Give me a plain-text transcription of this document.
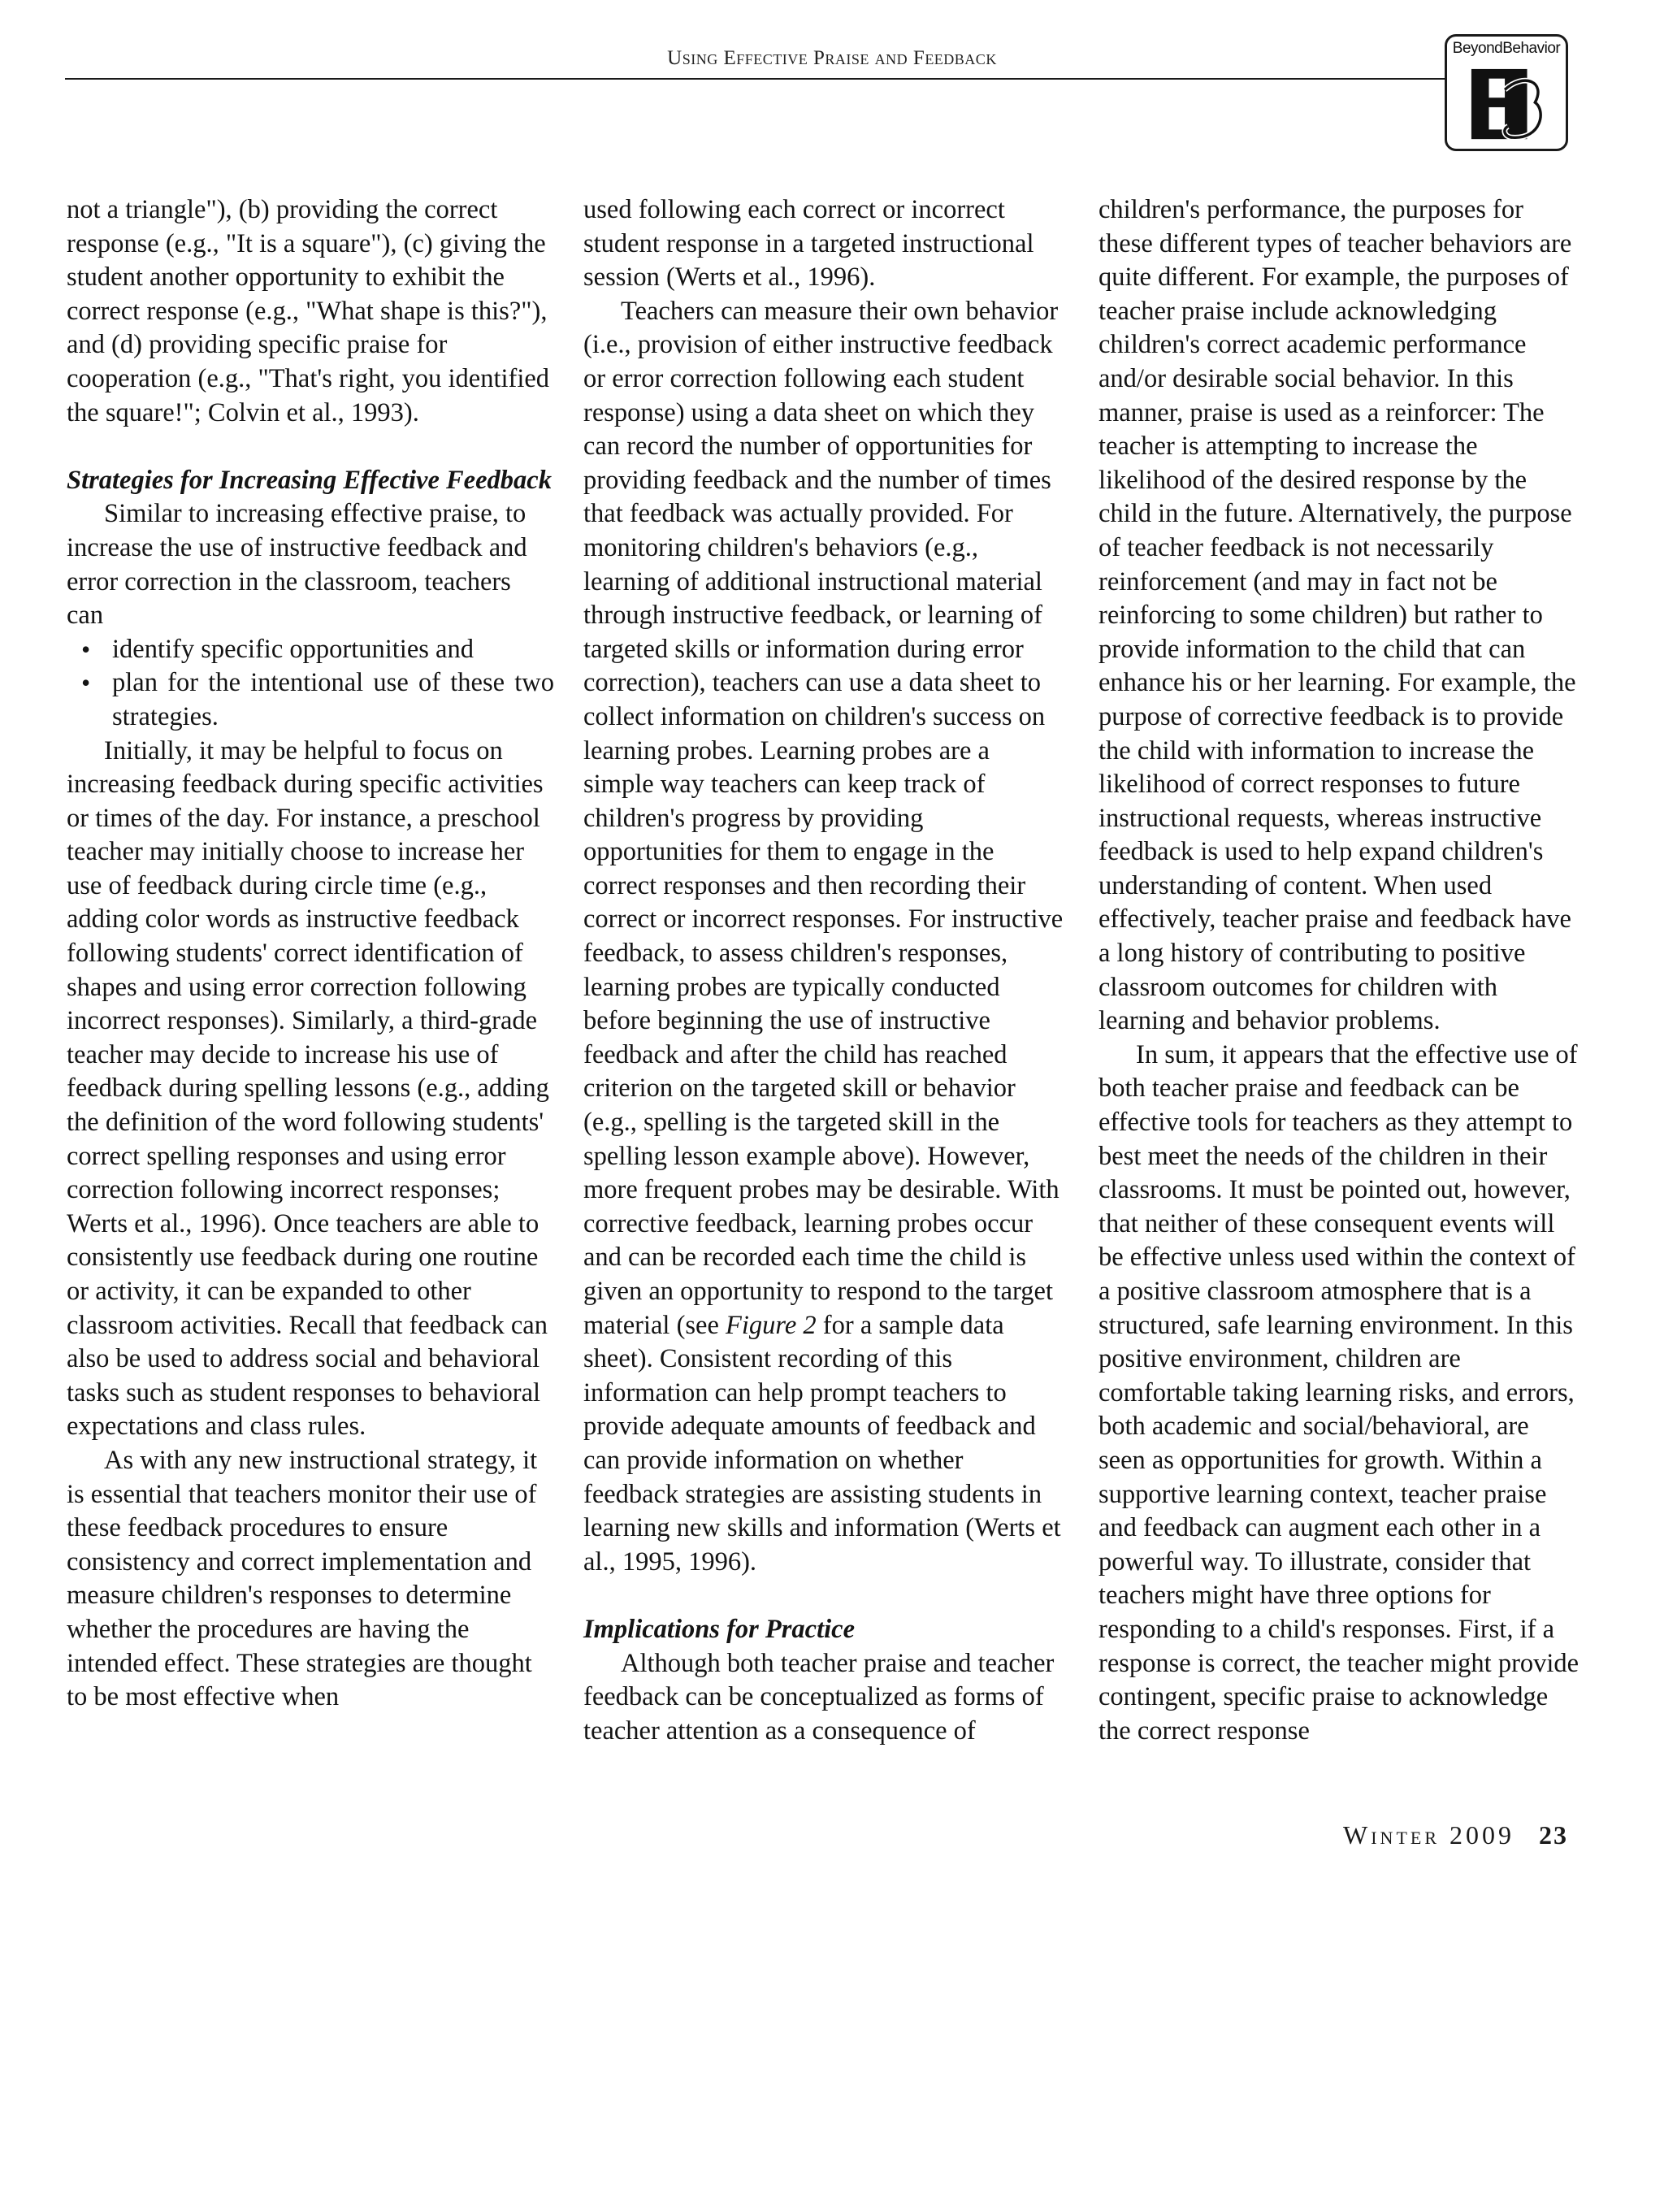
Using Effective Praise and Feedback	BeyondBehavior

not a triangle"), (b) providing the correct response (e.g., "It is a square"), (c) giving the student another opportunity to exhibit the correct response (e.g., "What shape is this?"), and (d) providing specific praise for cooperation (e.g., "That's right, you identified the square!"; Colvin et al., 1993).

Strategies for Increasing Effective Feedback

Similar to increasing effective praise, to increase the use of instructive feedback and error correction in the classroom, teachers can

• identify specific opportunities and
• plan for the intentional use of these two strategies.

Initially, it may be helpful to focus on increasing feedback during specific activities or times of the day. For instance, a preschool teacher may initially choose to increase her use of feedback during circle time (e.g., adding color words as instructive feedback following students' correct identification of shapes and using error correction following incorrect responses). Similarly, a third-grade teacher may decide to increase his use of feedback during spelling lessons (e.g., adding the definition of the word following students' correct spelling responses and using error correction following incorrect responses; Werts et al., 1996). Once teachers are able to consistently use feedback during one routine or activity, it can be expanded to other classroom activities. Recall that feedback can also be used to address social and behavioral tasks such as student responses to behavioral expectations and class rules.

As with any new instructional strategy, it is essential that teachers monitor their use of these feedback procedures to ensure consistency and correct implementation and measure children's responses to determine whether the procedures are having the intended effect. These strategies are thought to be most effective when

used following each correct or incorrect student response in a targeted instructional session (Werts et al., 1996).

Teachers can measure their own behavior (i.e., provision of either instructive feedback or error correction following each student response) using a data sheet on which they can record the number of opportunities for providing feedback and the number of times that feedback was actually provided. For monitoring children's behaviors (e.g., learning of additional instructional material through instructive feedback, or learning of targeted skills or information during error correction), teachers can use a data sheet to collect information on children's success on learning probes. Learning probes are a simple way teachers can keep track of children's progress by providing opportunities for them to engage in the correct responses and then recording their correct or incorrect responses. For instructive feedback, to assess children's responses, learning probes are typically conducted before beginning the use of instructive feedback and after the child has reached criterion on the targeted skill or behavior (e.g., spelling is the targeted skill in the spelling lesson example above). However, more frequent probes may be desirable. With corrective feedback, learning probes occur and can be recorded each time the child is given an opportunity to respond to the target material (see Figure 2 for a sample data sheet). Consistent recording of this information can help prompt teachers to provide adequate amounts of feedback and can provide information on whether feedback strategies are assisting students in learning new skills and information (Werts et al., 1995, 1996).

Implications for Practice

Although both teacher praise and teacher feedback can be conceptualized as forms of teacher attention as a consequence of

children's performance, the purposes for these different types of teacher behaviors are quite different. For example, the purposes of teacher praise include acknowledging children's correct academic performance and/or desirable social behavior. In this manner, praise is used as a reinforcer: The teacher is attempting to increase the likelihood of the desired response by the child in the future. Alternatively, the purpose of teacher feedback is not necessarily reinforcement (and may in fact not be reinforcing to some children) but rather to provide information to the child that can enhance his or her learning. For example, the purpose of corrective feedback is to provide the child with information to increase the likelihood of correct responses to future instructional requests, whereas instructive feedback is used to help expand children's understanding of content. When used effectively, teacher praise and feedback have a long history of contributing to positive classroom outcomes for children with learning and behavior problems.

In sum, it appears that the effective use of both teacher praise and feedback can be effective tools for teachers as they attempt to best meet the needs of the children in their classrooms. It must be pointed out, however, that neither of these consequent events will be effective unless used within the context of a positive classroom atmosphere that is a structured, safe learning environment. In this positive environment, children are comfortable taking learning risks, and errors, both academic and social/behavioral, are seen as opportunities for growth. Within a supportive learning context, teacher praise and feedback can augment each other in a powerful way. To illustrate, consider that teachers might have three options for responding to a child's responses. First, if a response is correct, the teacher might provide contingent, specific praise to acknowledge the correct response

Winter 2009 23
